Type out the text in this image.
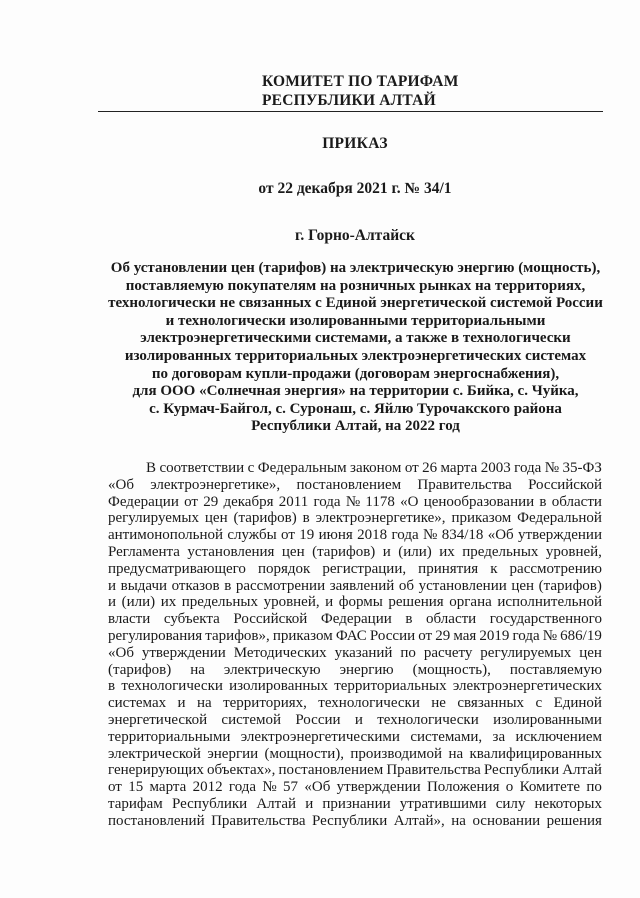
КОМИТЕТ ПО ТАРИФАМ
РЕСПУБЛИКИ АЛТАЙ
ПРИКАЗ
от 22 декабря 2021 г. № 34/1
г. Горно-Алтайск
Об установлении цен (тарифов) на электрическую энергию (мощность),
поставляемую покупателям на розничных рынках на территориях,
технологически не связанных с Единой энергетической системой России
и технологически изолированными территориальными
электроэнергетическими системами, а также в технологически
изолированных территориальных электроэнергетических системах
по договорам купли-продажи (договорам энергоснабжения),
для ООО «Солнечная энергия» на территории с. Бийка, с. Чуйка,
с. Курмач-Байгол, с. Суронаш, с. Яйлю Турочакского района
Республики Алтай, на 2022 год
В соответствии с Федеральным законом от 26 марта 2003 года № 35-ФЗ
«Об электроэнергетике», постановлением Правительства Российской
Федерации от 29 декабря 2011 года № 1178 «О ценообразовании в области
регулируемых цен (тарифов) в электроэнергетике», приказом Федеральной
антимонопольной службы от 19 июня 2018 года № 834/18 «Об утверждении
Регламента установления цен (тарифов) и (или) их предельных уровней,
предусматривающего порядок регистрации, принятия к рассмотрению
и выдачи отказов в рассмотрении заявлений об установлении цен (тарифов)
и (или) их предельных уровней, и формы решения органа исполнительной
власти субъекта Российской Федерации в области государственного
регулирования тарифов», приказом ФАС России от 29 мая 2019 года № 686/19
«Об утверждении Методических указаний по расчету регулируемых цен
(тарифов) на электрическую энергию (мощность), поставляемую
в технологически изолированных территориальных электроэнергетических
системах и на территориях, технологически не связанных с Единой
энергетической системой России и технологически изолированными
территориальными электроэнергетическими системами, за исключением
электрической энергии (мощности), производимой на квалифицированных
генерирующих объектах», постановлением Правительства Республики Алтай
от 15 марта 2012 года № 57 «Об утверждении Положения о Комитете по
тарифам Республики Алтай и признании утратившими силу некоторых
постановлений Правительства Республики Алтай», на основании решения
